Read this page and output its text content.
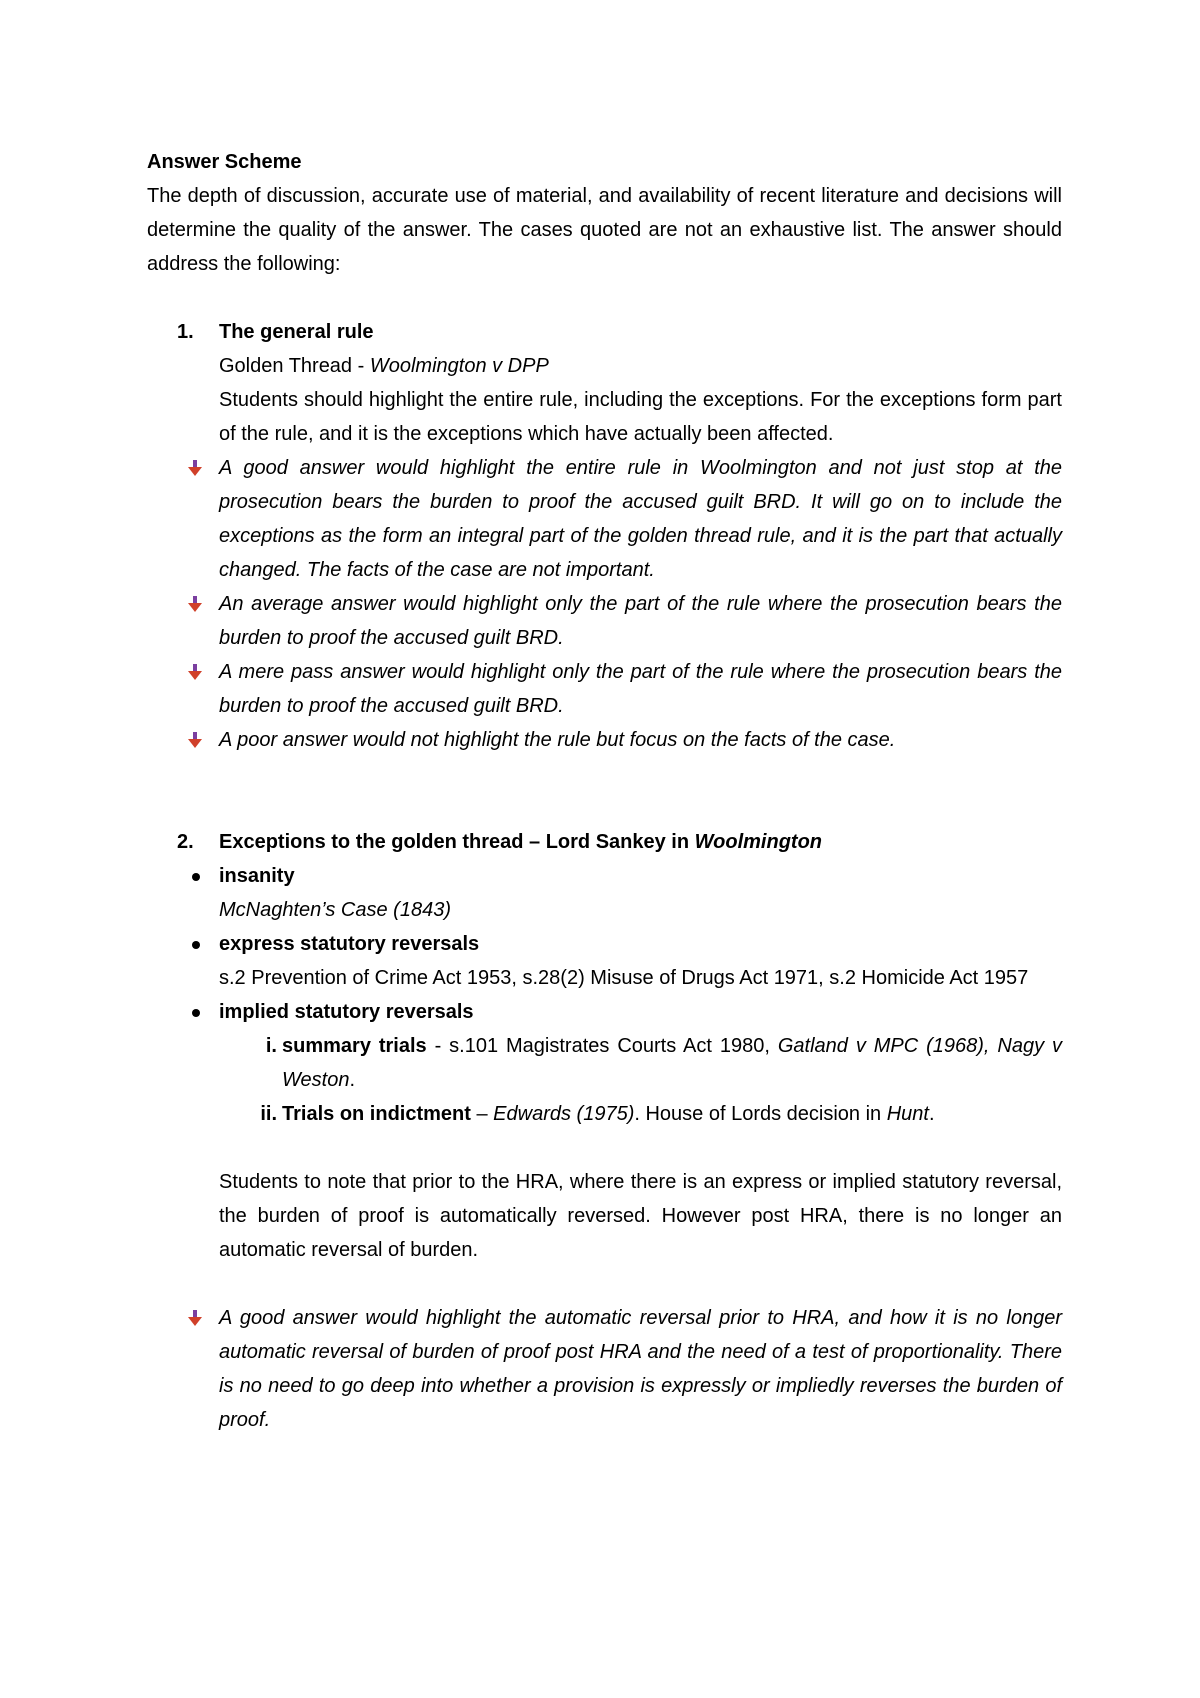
Answer Scheme

The depth of discussion, accurate use of material, and availability of recent literature and decisions will determine the quality of the answer. The cases quoted are not an exhaustive list. The answer should address the following:

1. The general rule
Golden Thread - Woolmington v DPP

Students should highlight the entire rule, including the exceptions. For the exceptions form part of the rule, and it is the exceptions which have actually been affected.

A good answer would highlight the entire rule in Woolmington and not just stop at the prosecution bears the burden to proof the accused guilt BRD. It will go on to include the exceptions as the form an integral part of the golden thread rule, and it is the part that actually changed. The facts of the case are not important.
An average answer would highlight only the part of the rule where the prosecution bears the burden to proof the accused guilt BRD.
A mere pass answer would highlight only the part of the rule where the prosecution bears the burden to proof the accused guilt BRD.
A poor answer would not highlight the rule but focus on the facts of the case.
2. Exceptions to the golden thread – Lord Sankey in Woolmington
insanity
McNaghten’s Case (1843)
express statutory reversals
s.2 Prevention of Crime Act 1953, s.28(2) Misuse of Drugs Act 1971, s.2 Homicide Act 1957
implied statutory reversals
i. summary trials - s.101 Magistrates Courts Act 1980, Gatland v MPC (1968), Nagy v Weston.
ii. Trials on indictment – Edwards (1975). House of Lords decision in Hunt.

Students to note that prior to the HRA, where there is an express or implied statutory reversal, the burden of proof is automatically reversed. However post HRA, there is no longer an automatic reversal of burden.

A good answer would highlight the automatic reversal prior to HRA, and how it is no longer automatic reversal of burden of proof post HRA and the need of a test of proportionality. There is no need to go deep into whether a provision is expressly or impliedly reverses the burden of proof.
